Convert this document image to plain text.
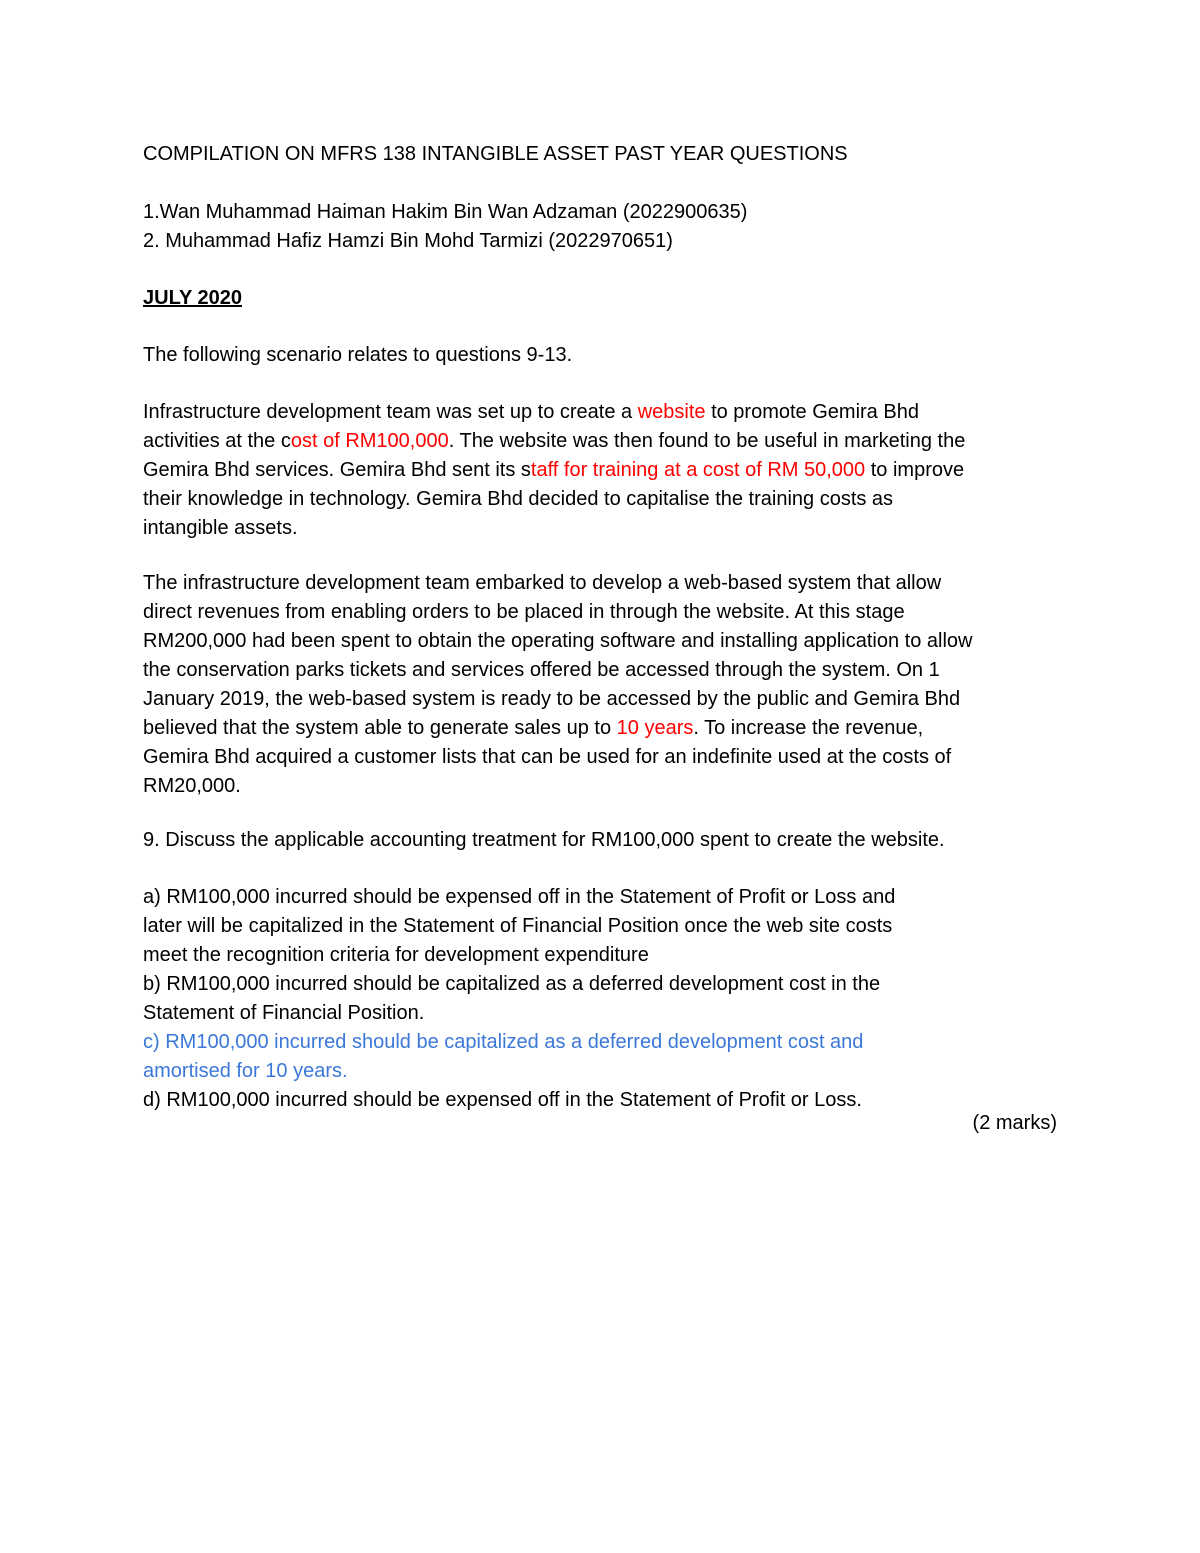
COMPILATION ON MFRS 138 INTANGIBLE ASSET PAST YEAR QUESTIONS

1.Wan Muhammad Haiman Hakim Bin Wan Adzaman (2022900635)
2. Muhammad Hafiz Hamzi Bin Mohd Tarmizi (2022970651)

JULY 2020

The following scenario relates to questions 9-13.

Infrastructure development team was set up to create a website to promote Gemira Bhd
activities at the cost of RM100,000. The website was then found to be useful in marketing the
Gemira Bhd services. Gemira Bhd sent its staff for training at a cost of RM 50,000 to improve
their knowledge in technology. Gemira Bhd decided to capitalise the training costs as
intangible assets.

The infrastructure development team embarked to develop a web-based system that allow
direct revenues from enabling orders to be placed in through the website. At this stage
RM200,000 had been spent to obtain the operating software and installing application to allow
the conservation parks tickets and services offered be accessed through the system. On 1
January 2019, the web-based system is ready to be accessed by the public and Gemira Bhd
believed that the system able to generate sales up to 10 years. To increase the revenue,
Gemira Bhd acquired a customer lists that can be used for an indefinite used at the costs of
RM20,000.

9. Discuss the applicable accounting treatment for RM100,000 spent to create the website.

a) RM100,000 incurred should be expensed off in the Statement of Profit or Loss and
later will be capitalized in the Statement of Financial Position once the web site costs
meet the recognition criteria for development expenditure
b) RM100,000 incurred should be capitalized as a deferred development cost in the
Statement of Financial Position.
c) RM100,000 incurred should be capitalized as a deferred development cost and
amortised for 10 years.
d) RM100,000 incurred should be expensed off in the Statement of Profit or Loss.

(2 marks)
